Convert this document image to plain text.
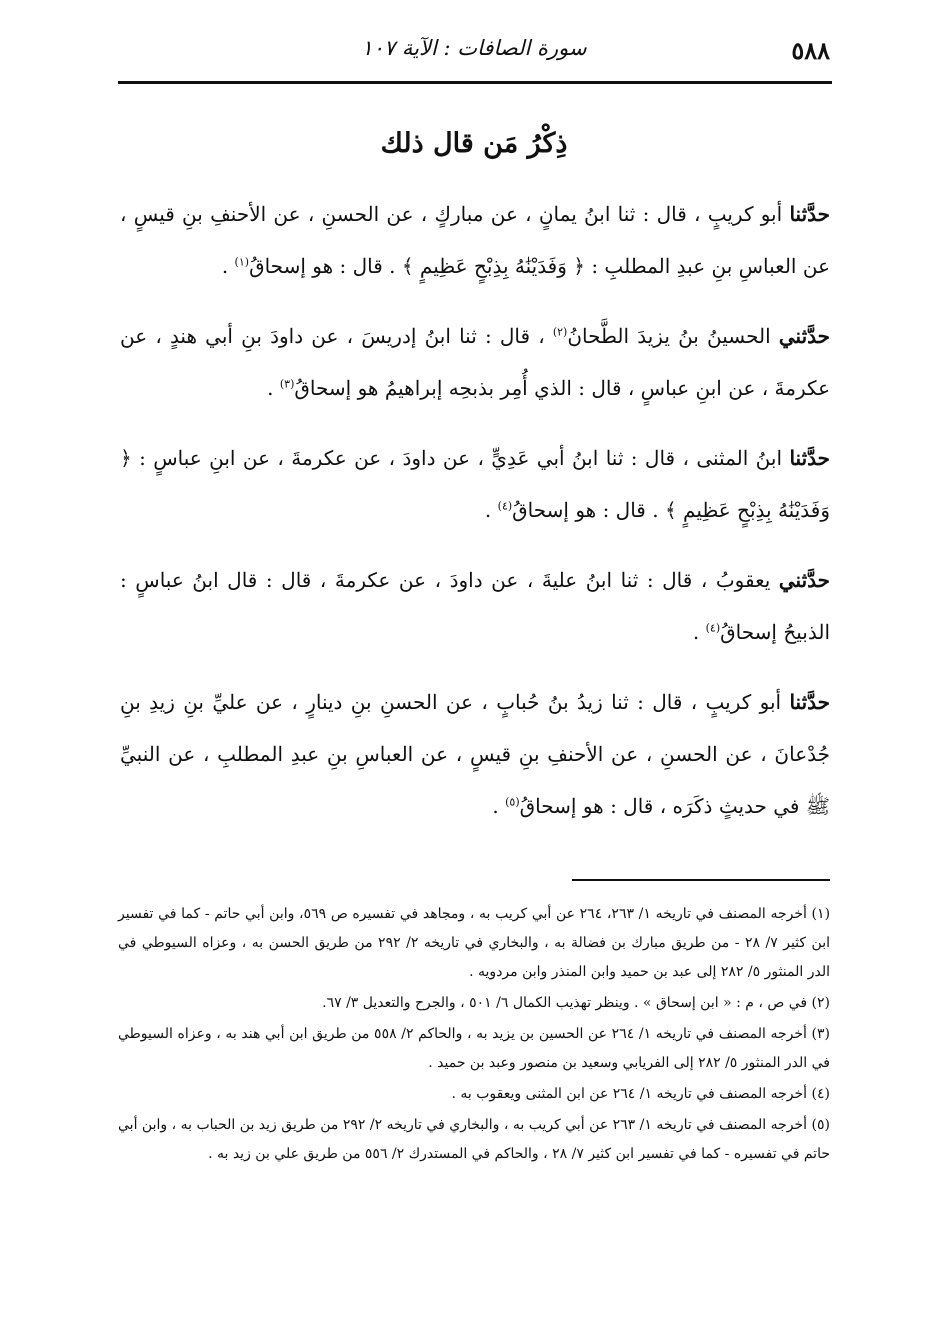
٥٨٨
سورة الصافات : الآية ١٠٧
ذِكْرُ مَن قال ذلك

حدَّثنا أبو كريبٍ ، قال : ثنا ابنُ يمانٍ ، عن مباركٍ ، عن الحسنِ ، عن الأحنفِ بنِ قيسٍ ، عن العباسِ بنِ عبدِ المطلبِ : ﴿ وَفَدَيْنَٰهُ بِذِبْحٍ عَظِيمٍ ﴾ . قال : هو إسحاقُ$^{(١)}$ .

حدَّثني الحسينُ بنُ يزيدَ الطَّحانُ$^{(٢)}$ ، قال : ثنا ابنُ إدريسَ ، عن داودَ بنِ أبي هندٍ ، عن عكرمةَ ، عن ابنِ عباسٍ ، قال : الذي أُمِر بذبحِه إبراهيمُ هو إسحاقُ$^{(٣)}$ .

حدَّثنا ابنُ المثنى ، قال : ثنا ابنُ أبي عَدِيٍّ ، عن داودَ ، عن عكرمةَ ، عن ابنِ عباسٍ : ﴿ وَفَدَيْنَٰهُ بِذِبْحٍ عَظِيمٍ ﴾ . قال : هو إسحاقُ$^{(٤)}$ .

حدَّثني يعقوبُ ، قال : ثنا ابنُ عليةَ ، عن داودَ ، عن عكرمةَ ، قال : قال ابنُ عباسٍ : الذبيحُ إسحاقُ$^{(٤)}$ .

حدَّثنا أبو كريبٍ ، قال : ثنا زيدُ بنُ حُبابٍ ، عن الحسنِ بنِ دينارٍ ، عن عليِّ بنِ زيدِ بنِ جُدْعانَ ، عن الحسنِ ، عن الأحنفِ بنِ قيسٍ ، عن العباسِ بنِ عبدِ المطلبِ ، عن النبيِّ ﷺ في حديثٍ ذكَرَه ، قال : هو إسحاقُ$^{(٥)}$ .

(١) أخرجه المصنف في تاريخه ١/ ٢٦٣، ٢٦٤ عن أبي كريب به ، ومجاهد في تفسيره ص ٥٦٩، وابن أبي حاتم - كما في تفسير ابن كثير ٧/ ٢٨ - من طريق مبارك بن فضالة به ، والبخاري في تاريخه ٢/ ٢٩٢ من طريق الحسن به ، وعزاه السيوطي في الدر المنثور ٥/ ٢٨٢ إلى عبد بن حميد وابن المنذر وابن مردويه .

(٢) في ص ، م : « ابن إسحاق » . وينظر تهذيب الكمال ٦/ ٥٠١ ، والجرح والتعديل ٣/ ٦٧.

(٣) أخرجه المصنف في تاريخه ١/ ٢٦٤ عن الحسين بن يزيد به ، والحاكم ٢/ ٥٥٨ من طريق ابن أبي هند به ، وعزاه السيوطي في الدر المنثور ٥/ ٢٨٢ إلى الفريابي وسعيد بن منصور وعبد بن حميد .

(٤) أخرجه المصنف في تاريخه ١/ ٢٦٤ عن ابن المثنى ويعقوب به .

(٥) أخرجه المصنف في تاريخه ١/ ٢٦٣ عن أبي كريب به ، والبخاري في تاريخه ٢/ ٢٩٢ من طريق زيد بن الحباب به ، وابن أبي حاتم في تفسيره - كما في تفسير ابن كثير ٧/ ٢٨ ، والحاكم في المستدرك ٢/ ٥٥٦ من طريق علي بن زيد به .
